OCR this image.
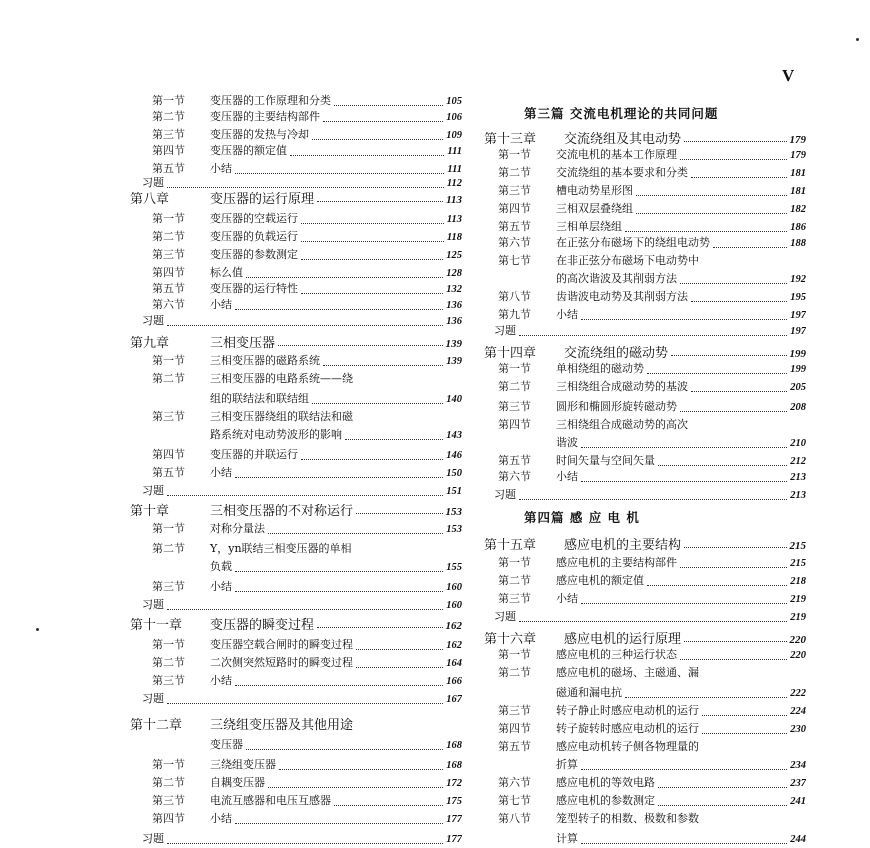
V
第一节	变压器的工作原理和分类	105
第二节	变压器的主要结构部件	106
第三节	变压器的发热与冷却	109
第四节	变压器的额定值	111
第五节	小结	111
习题	112
第八章	变压器的运行原理	113
第一节	变压器的空载运行	113
第二节	变压器的负载运行	118
第三节	变压器的参数测定	125
第四节	标么值	128
第五节	变压器的运行特性	132
第六节	小结	136
习题	136
第九章	三相变压器	139
第一节	三相变压器的磁路系统	139
第二节	三相变压器的电路系统——绕
组的联结法和联结组	140
第三节	三相变压器绕组的联结法和磁
路系统对电动势波形的影响	143
第四节	变压器的并联运行	146
第五节	小结	150
习题	151
第十章	三相变压器的不对称运行	153
第一节	对称分量法	153
第二节	Y，yn联结三相变压器的单相
负载	155
第三节	小结	160
习题	160
第十一章	变压器的瞬变过程	162
第一节	变压器空载合闸时的瞬变过程	162
第二节	二次侧突然短路时的瞬变过程	164
第三节	小结	166
习题	167
第十二章	三绕组变压器及其他用途
变压器	168
第一节	三绕组变压器	168
第二节	自耦变压器	172
第三节	电流互感器和电压互感器	175
第四节	小结	177
习题	177
第三篇 交流电机理论的共同问题
第十三章	交流绕组及其电动势	179
第一节	交流电机的基本工作原理	179
第二节	交流绕组的基本要求和分类	181
第三节	槽电动势星形图	181
第四节	三相双层叠绕组	182
第五节	三相单层绕组	186
第六节	在正弦分布磁场下的绕组电动势	188
第七节	在非正弦分布磁场下电动势中
的高次谐波及其削弱方法	192
第八节	齿谐波电动势及其削弱方法	195
第九节	小结	197
习题	197
第十四章	交流绕组的磁动势	199
第一节	单相绕组的磁动势	199
第二节	三相绕组合成磁动势的基波	205
第三节	圆形和椭圆形旋转磁动势	208
第四节	三相绕组合成磁动势的高次
谐波	210
第五节	时间矢量与空间矢量	212
第六节	小结	213
习题	213
第四篇 感 应 电 机
第十五章	感应电机的主要结构	215
第一节	感应电机的主要结构部件	215
第二节	感应电机的额定值	218
第三节	小结	219
习题	219
第十六章	感应电机的运行原理	220
第一节	感应电机的三种运行状态	220
第二节	感应电机的磁场、主磁通、漏
磁通和漏电抗	222
第三节	转子静止时感应电动机的运行	224
第四节	转子旋转时感应电动机的运行	230
第五节	感应电动机转子侧各物理量的
折算	234
第六节	感应电机的等效电路	237
第七节	感应电机的参数测定	241
第八节	笼型转子的相数、极数和参数
计算	244
